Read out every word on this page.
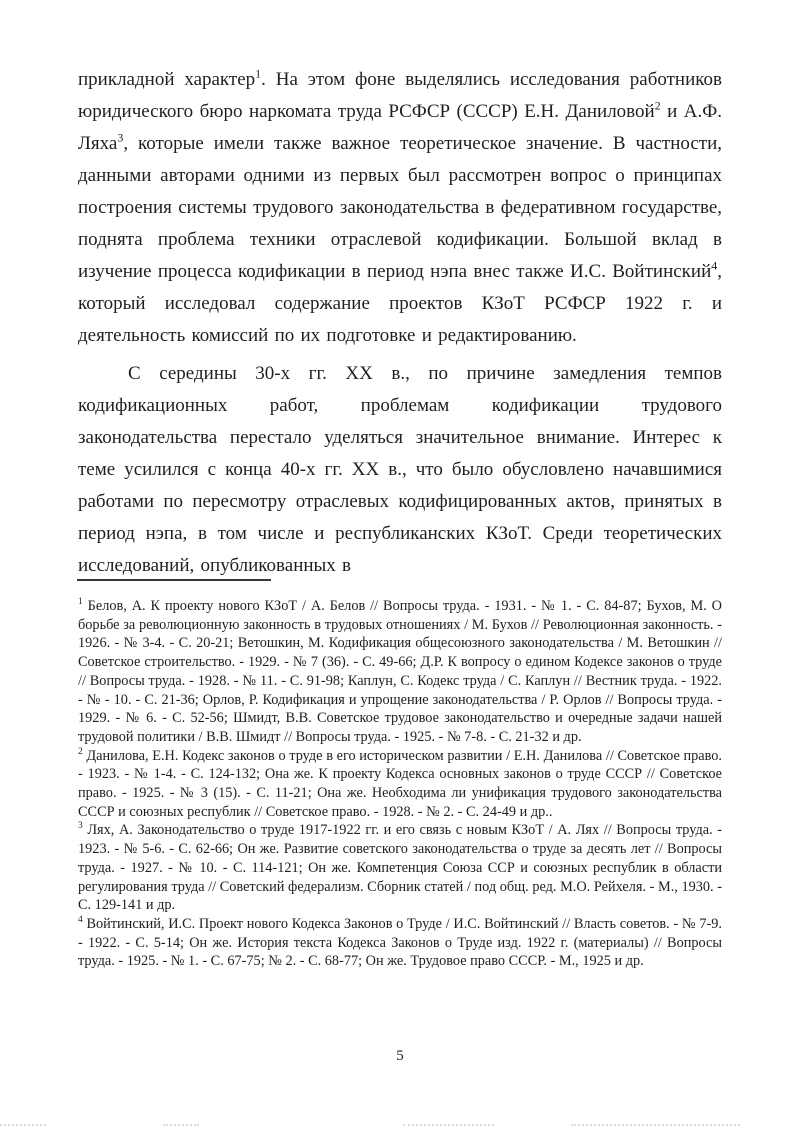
прикладной характер$^1$. На этом фоне выделялись исследования работников юридического бюро наркомата труда РСФСР (СССР) Е.Н. Даниловой$^2$ и А.Ф. Ляха$^3$, которые имели также важное теоретическое значение. В частности, данными авторами одними из первых был рассмотрен вопрос о принципах построения системы трудового законодательства в федеративном государстве, поднята проблема техники отраслевой кодификации. Большой вклад в изучение процесса кодификации в период нэпа внес также И.С. Войтинский$^4$, который исследовал содержание проектов КЗоТ РСФСР 1922 г. и деятельность комиссий по их подготовке и редактированию.

С середины 30-х гг. ХХ в., по причине замедления темпов кодификационных работ, проблемам кодификации трудового законодательства перестало уделяться значительное внимание. Интерес к теме усилился с конца 40-х гг. ХХ в., что было обусловлено начавшимися работами по пересмотру отраслевых кодифицированных актов, принятых в период нэпа, в том числе и республиканских КЗоТ. Среди теоретических исследований, опубликованных в

$^1$ Белов, А. К проекту нового КЗоТ / А. Белов // Вопросы труда. - 1931. - № 1. - С. 84-87; Бухов, М. О борьбе за революционную законность в трудовых отношениях / М. Бухов // Революционная законность. - 1926. - № 3-4. - С. 20-21; Ветошкин, М. Кодификация общесоюзного законодательства / М. Ветошкин // Советское строительство. - 1929. - № 7 (36). - С. 49-66; Д.Р. К вопросу о едином Кодексе законов о труде // Вопросы труда. - 1928. - № 11. - С. 91-98; Каплун, С. Кодекс труда / С. Каплун // Вестник труда. - 1922. - № - 10. - С. 21-36; Орлов, Р. Кодификация и упрощение законодательства / Р. Орлов // Вопросы труда. - 1929. - № 6. - С. 52-56; Шмидт, В.В. Советское трудовое законодательство и очередные задачи нашей трудовой политики / В.В. Шмидт // Вопросы труда. - 1925. - № 7-8. - С. 21-32 и др.

$^2$ Данилова, Е.Н. Кодекс законов о труде в его историческом развитии / Е.Н. Данилова // Советское право. - 1923. - № 1-4. - С. 124-132; Она же. К проекту Кодекса основных законов о труде СССР // Советское право. - 1925. - № 3 (15). - С. 11-21; Она же. Необходима ли унификация трудового законодательства СССР и союзных республик // Советское право. - 1928. - № 2. - С. 24-49 и др..

$^3$ Лях, А. Законодательство о труде 1917-1922 гг. и его связь с новым КЗоТ / А. Лях // Вопросы труда. - 1923. - № 5-6. - С. 62-66; Он же. Развитие советского законодательства о труде за десять лет // Вопросы труда. - 1927. - № 10. - С. 114-121; Он же. Компетенция Союза ССР и союзных республик в области регулирования труда // Советский федерализм. Сборник статей / под общ. ред. М.О. Рейхеля. - М., 1930. - С. 129-141 и др.

$^4$ Войтинский, И.С. Проект нового Кодекса Законов о Труде / И.С. Войтинский // Власть советов. - № 7-9. - 1922. - С. 5-14; Он же. История текста Кодекса Законов о Труде изд. 1922 г. (материалы) // Вопросы труда. - 1925. - № 1. - С. 67-75; № 2. - С. 68-77; Он же. Трудовое право СССР. - М., 1925 и др.

5
